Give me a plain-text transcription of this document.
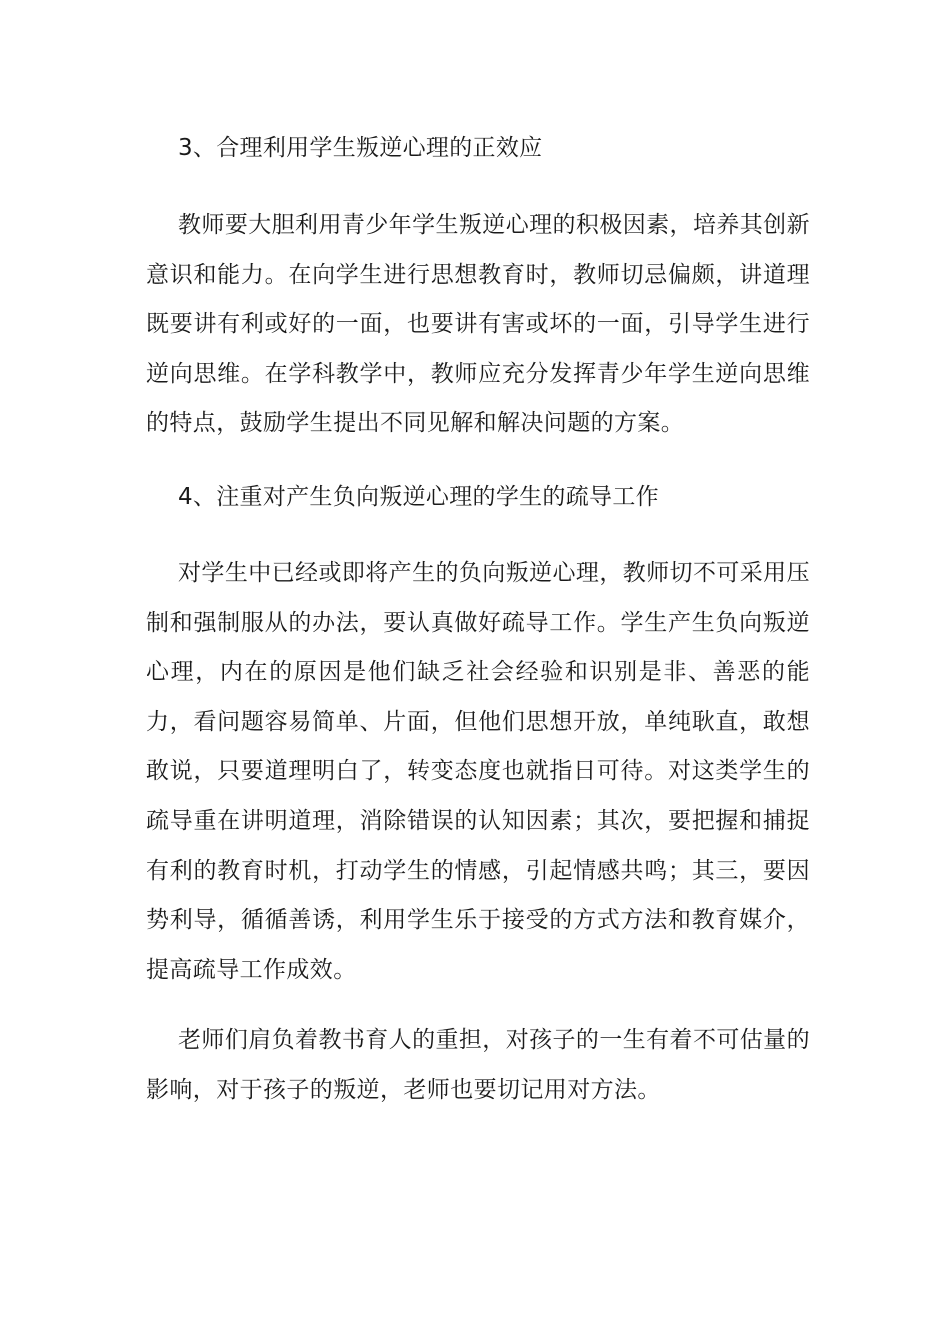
3、合理利用学生叛逆心理的正效应

教师要大胆利用青少年学生叛逆心理的积极因素，培养其创新意识和能力。在向学生进行思想教育时，教师切忌偏颇，讲道理既要讲有利或好的一面，也要讲有害或坏的一面，引导学生进行逆向思维。在学科教学中，教师应充分发挥青少年学生逆向思维的特点，鼓励学生提出不同见解和解决问题的方案。

4、注重对产生负向叛逆心理的学生的疏导工作

对学生中已经或即将产生的负向叛逆心理，教师切不可采用压制和强制服从的办法，要认真做好疏导工作。学生产生负向叛逆心理，内在的原因是他们缺乏社会经验和识别是非、善恶的能力，看问题容易简单、片面，但他们思想开放，单纯耿直，敢想敢说，只要道理明白了，转变态度也就指日可待。对这类学生的疏导重在讲明道理，消除错误的认知因素；其次，要把握和捕捉有利的教育时机，打动学生的情感，引起情感共鸣；其三，要因势利导，循循善诱，利用学生乐于接受的方式方法和教育媒介，提高疏导工作成效。

老师们肩负着教书育人的重担，对孩子的一生有着不可估量的影响，对于孩子的叛逆，老师也要切记用对方法。
